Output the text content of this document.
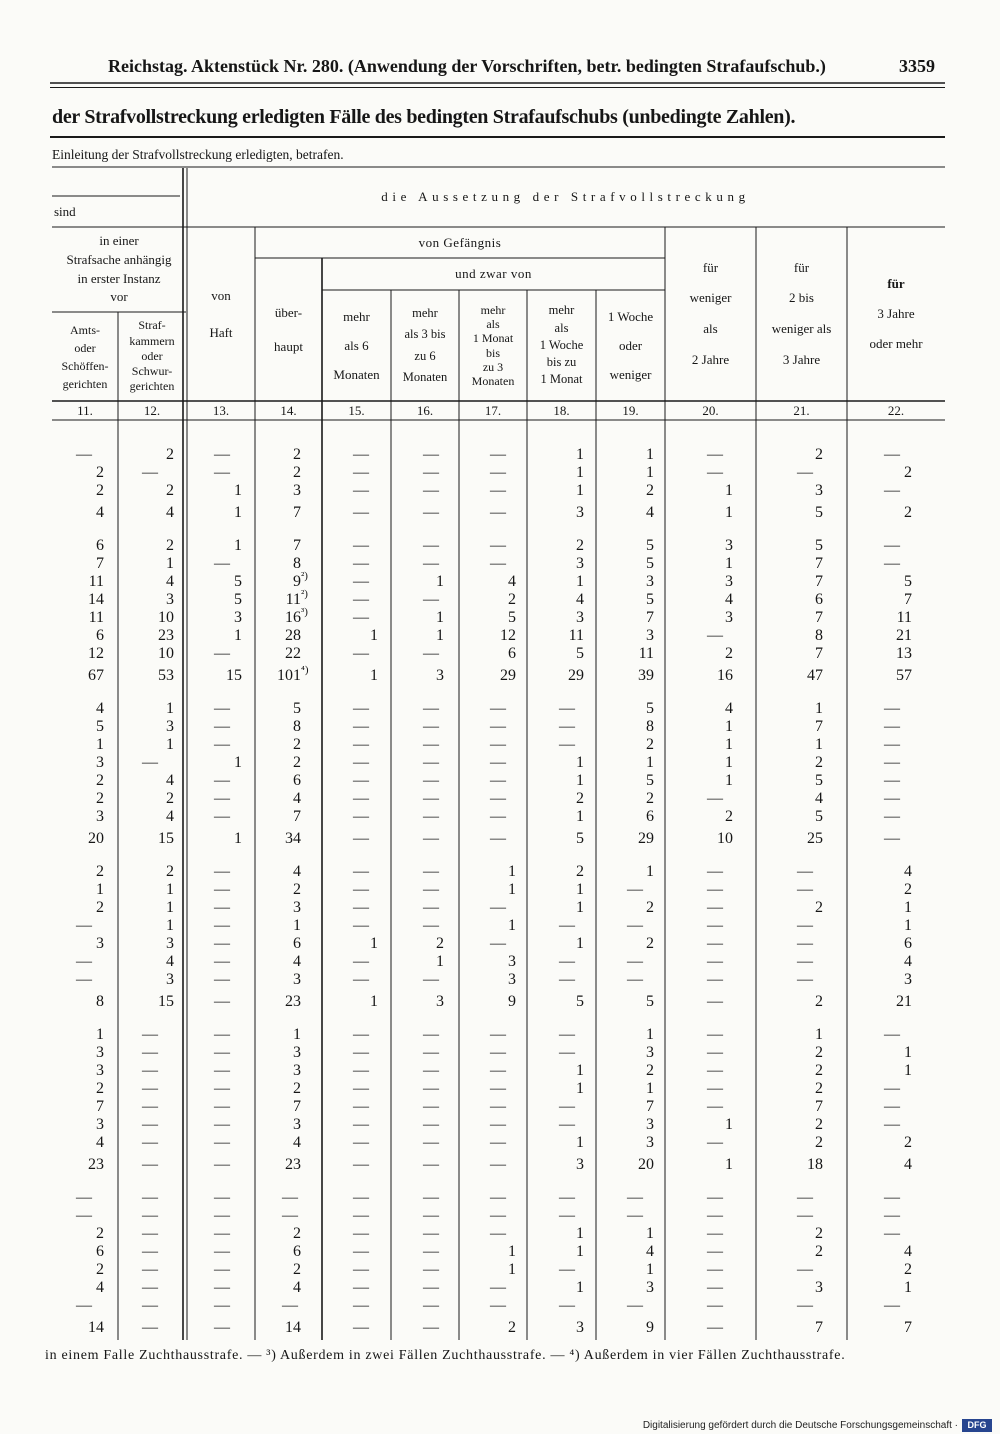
Reichstag. Aktenstück Nr. 280. (Anwendung der Vorschriften, betr. bedingten Strafaufschub.)	3359
der Strafvollstreckung erledigten Fälle des bedingten Strafaufschubs (unbedingte Zahlen).
Einleitung der Strafvollstreckung erledigten, betrafen.
sind
die Aussetzung der Strafvollstreckung
in einer
Strafsache anhängig
in erster Instanz
vor
von Gefängnis
und zwar von
Amts-
oder
Schöffen-
gerichten
11.
Straf-
kammern
oder
Schwur-
gerichten
12.
von
Haft
13.
über-
haupt
14.
mehr
als 6
Monaten
15.
mehr
als 3 bis
zu 6
Monaten
16.
mehr
als
1 Monat
bis
zu 3
Monaten
17.
mehr
als
1 Woche
bis zu
1 Monat
18.
1 Woche
oder
weniger
19.
für
weniger
als
2 Jahre
20.
für
2 bis
weniger als
3 Jahre
21.
für
3 Jahre
oder mehr
22.
—	2	—	2	—	—	—	1	1	—	2	—
2	—	—	2	—	—	—	1	1	—	—	2
2	2	1	3	—	—	—	1	2	1	3	—
4	4	1	7	—	—	—	3	4	1	5	2
6	2	1	7	—	—	—	2	5	3	5	—
7	1	—	8	—	—	—	3	5	1	7	—
11	4	5	9 ²)	—	1	4	1	3	3	7	5
14	3	5	11 ²)	—	—	2	4	5	4	6	7
11	10	3	16 ³)	—	1	5	3	7	3	7	11
6	23	1	28	1	1	12	11	3	—	8	21
12	10	—	22	—	—	6	5	11	2	7	13
67	53	15	101 ⁴)	1	3	29	29	39	16	47	57
4	1	—	5	—	—	—	—	5	4	1	—
5	3	—	8	—	—	—	—	8	1	7	—
1	1	—	2	—	—	—	—	2	1	1	—
3	—	1	2	—	—	—	1	1	1	2	—
2	4	—	6	—	—	—	1	5	1	5	—
2	2	—	4	—	—	—	2	2	—	4	—
3	4	—	7	—	—	—	1	6	2	5	—
20	15	1	34	—	—	—	5	29	10	25	—
2	2	—	4	—	—	1	2	1	—	—	4
1	1	—	2	—	—	1	1	—	—	—	2
2	1	—	3	—	—	—	1	2	—	2	1
—	1	—	1	—	—	1	—	—	—	—	1
3	3	—	6	1	2	—	1	2	—	—	6
—	4	—	4	—	1	3	—	—	—	—	4
—	3	—	3	—	—	3	—	—	—	—	3
8	15	—	23	1	3	9	5	5	—	2	21
1	—	—	1	—	—	—	—	1	—	1	—
3	—	—	3	—	—	—	—	3	—	2	1
3	—	—	3	—	—	—	1	2	—	2	1
2	—	—	2	—	—	—	1	1	—	2	—
7	—	—	7	—	—	—	—	7	—	7	—
3	—	—	3	—	—	—	—	3	1	2	—
4	—	—	4	—	—	—	1	3	—	2	2
23	—	—	23	—	—	—	3	20	1	18	4
—	—	—	—	—	—	—	—	—	—	—	—
—	—	—	—	—	—	—	—	—	—	—	—
2	—	—	2	—	—	—	1	1	—	2	—
6	—	—	6	—	—	1	1	4	—	2	4
2	—	—	2	—	—	1	—	1	—	—	2
4	—	—	4	—	—	—	1	3	—	3	1
—	—	—	—	—	—	—	—	—	—	—	—
14	—	—	14	—	—	2	3	9	—	7	7
in einem Falle Zuchthausstrafe. — ³) Außerdem in zwei Fällen Zuchthausstrafe. — ⁴) Außerdem in vier Fällen Zuchthausstrafe.
Digitalisierung gefördert durch die Deutsche Forschungsgemeinschaft ·	DFG
